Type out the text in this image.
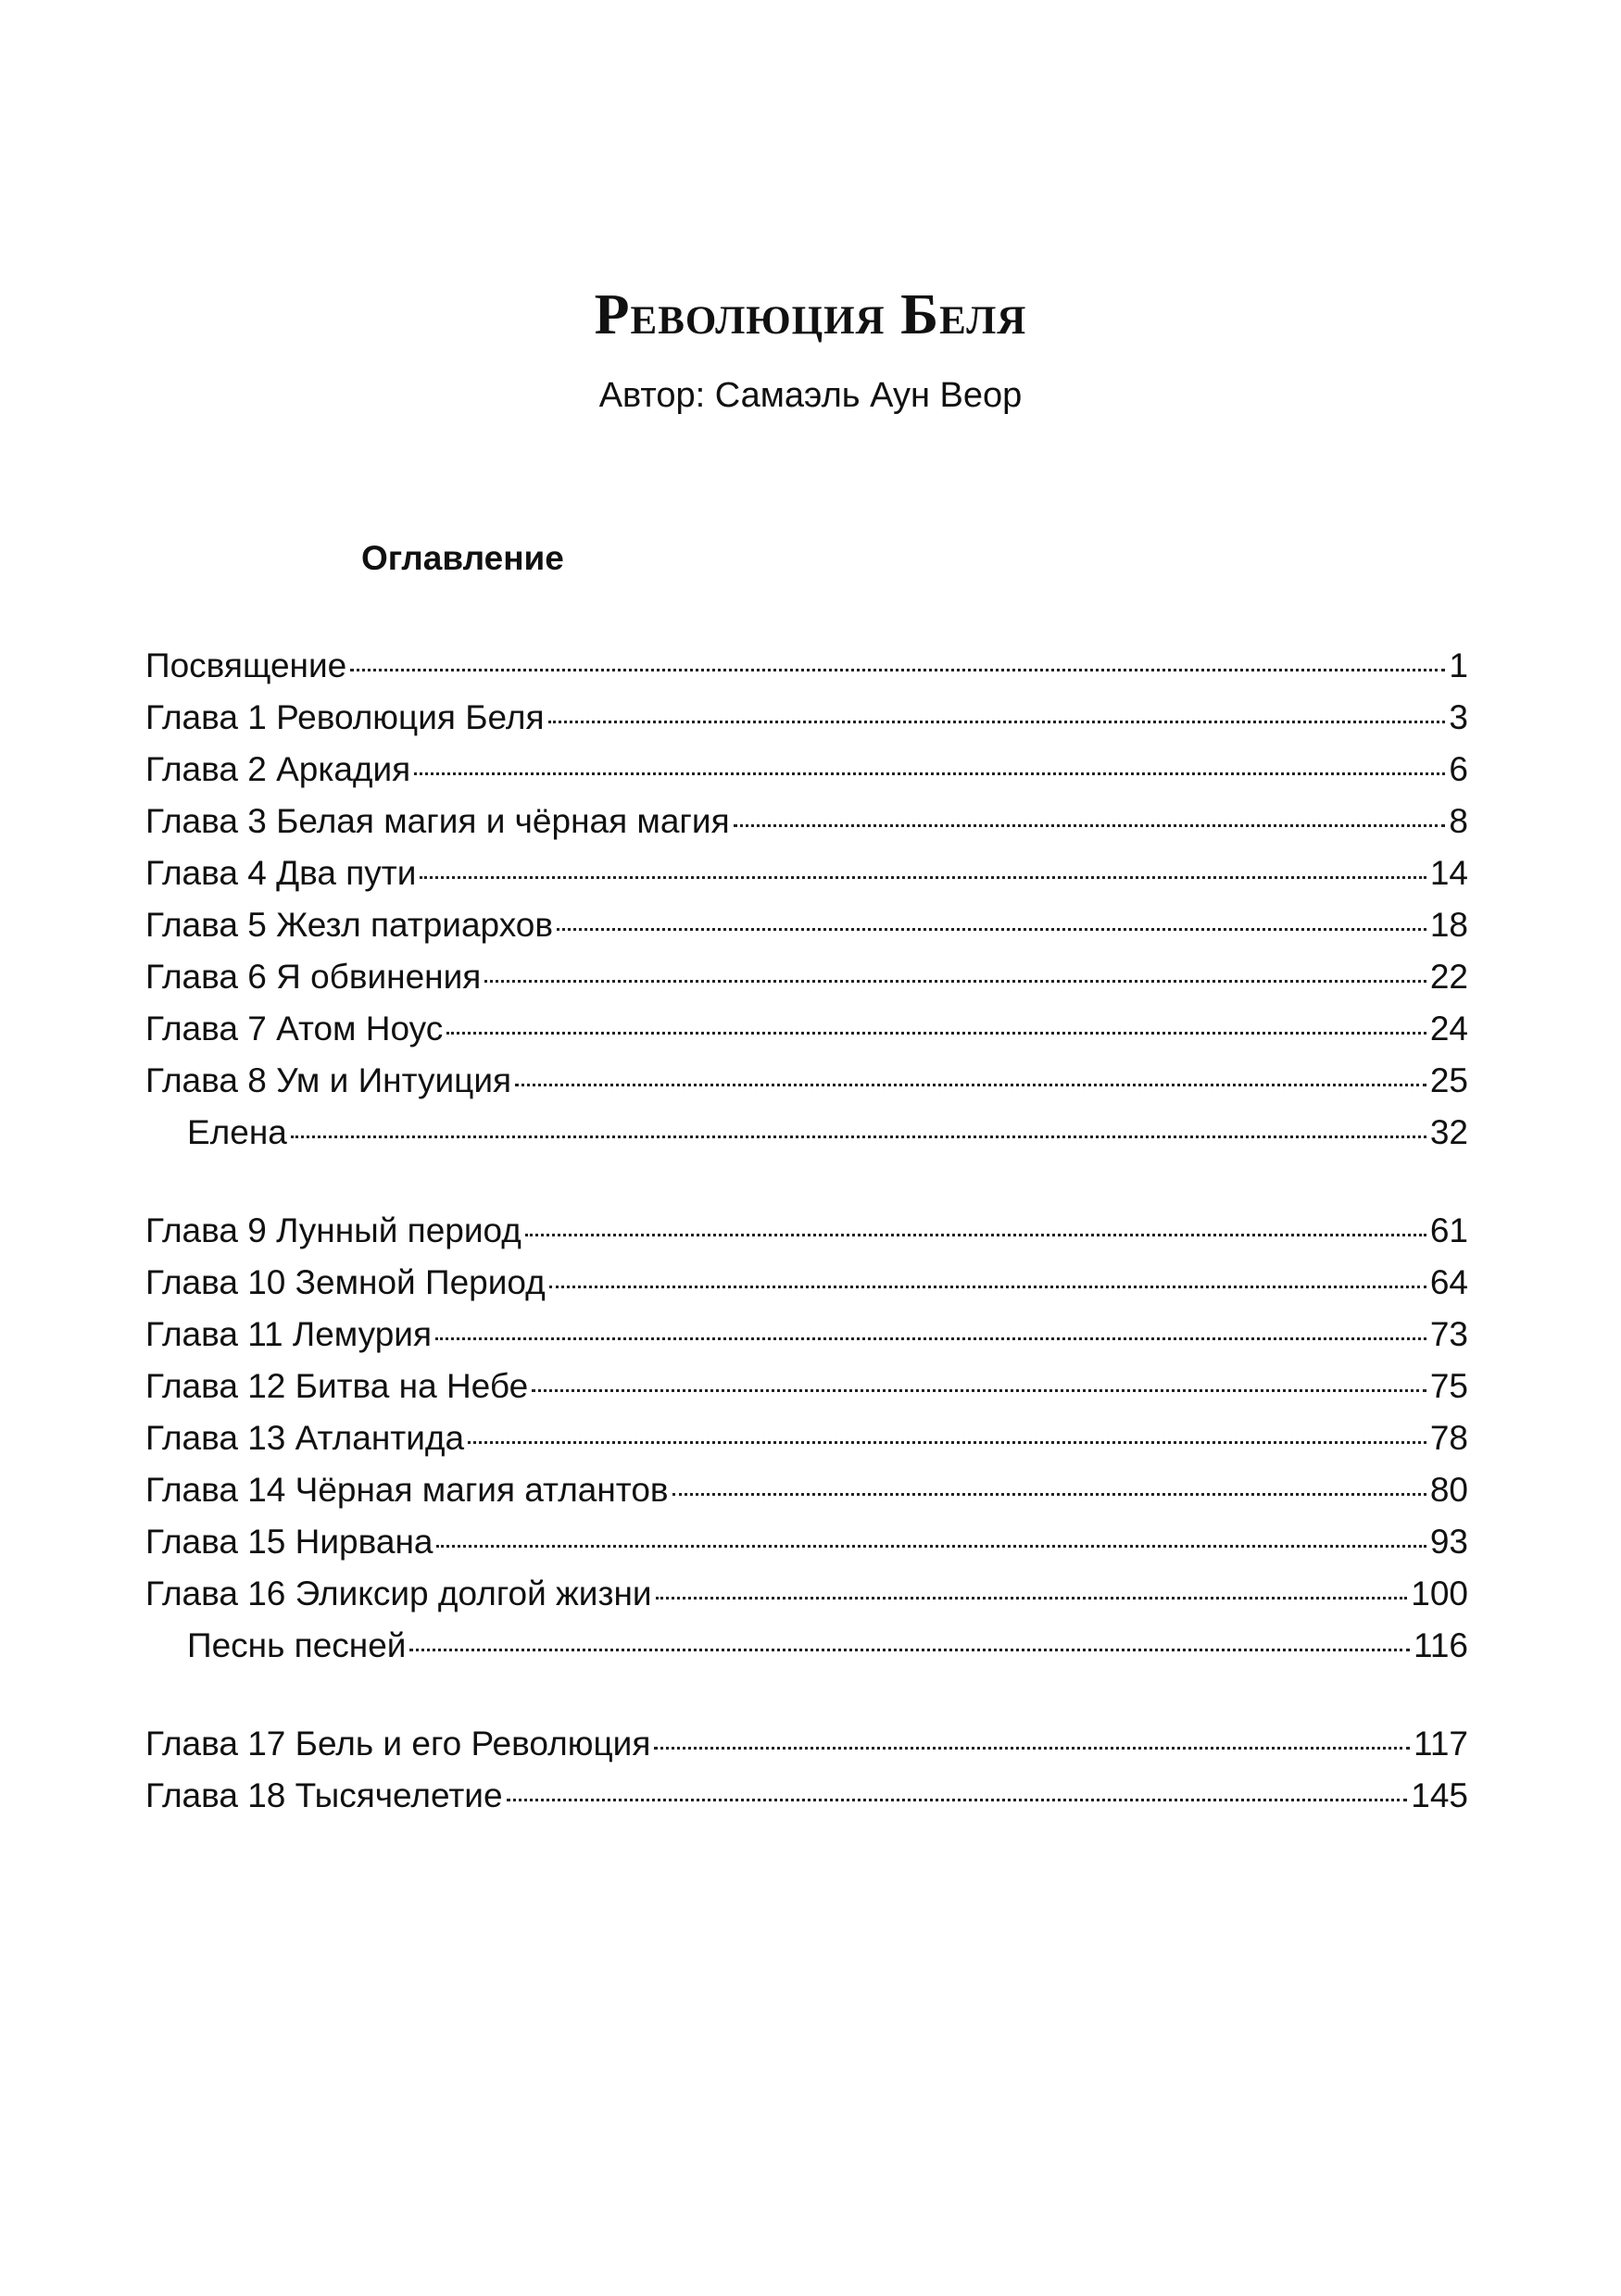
Революция Беля
Автор: Самаэль Аун Веор
Оглавление
Посвящение	1
Глава 1 Революция Беля	3
Глава 2 Аркадия	6
Глава 3 Белая магия и чёрная магия	8
Глава 4 Два пути	14
Глава 5 Жезл патриархов	18
Глава 6 Я обвинения	22
Глава 7 Атом Ноус	24
Глава 8 Ум и Интуиция	25
Елена	32
Глава 9 Лунный период	61
Глава 10 Земной Период	64
Глава 11 Лемурия	73
Глава 12 Битва на Небе	75
Глава 13 Атлантида	78
Глава 14 Чёрная магия атлантов	80
Глава 15 Нирвана	93
Глава 16 Эликсир долгой жизни	100
Песнь песней	116
Глава 17 Бель и его Революция	117
Глава 18 Тысячелетие	145
